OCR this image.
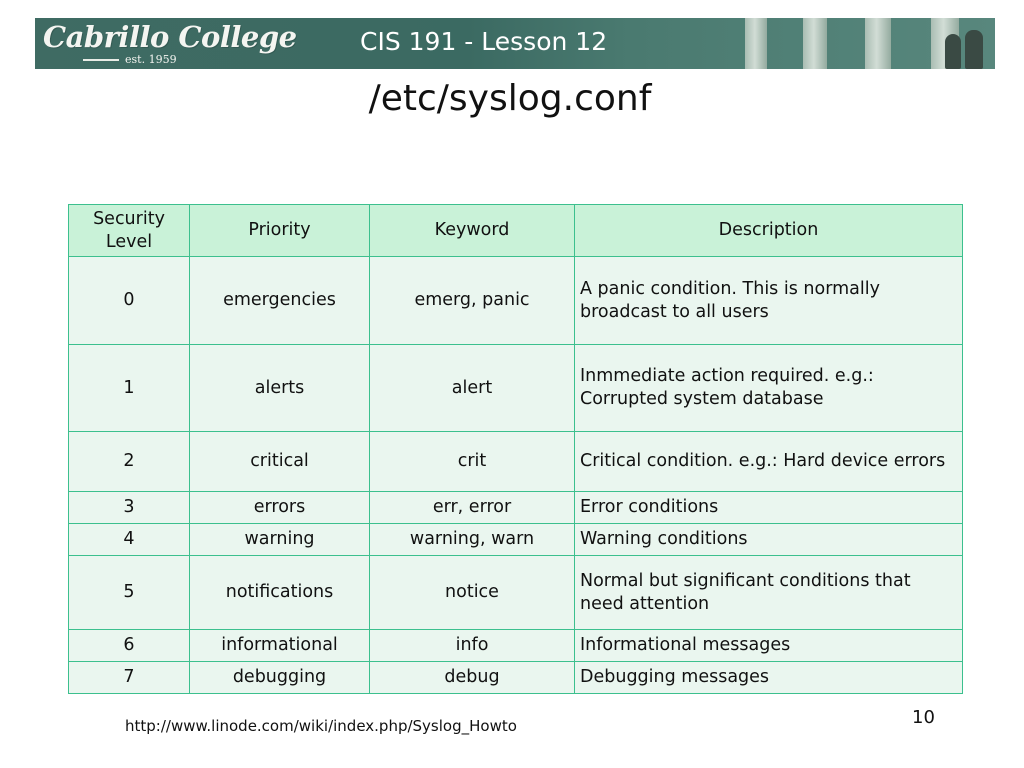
Cabrillo College
est. 1959
CIS 191 - Lesson 12
/etc/syslog.conf
Security Level	Priority	Keyword	Description
0	emergencies	emerg, panic	A panic condition. This is normally broadcast to all users
1	alerts	alert	Inmmediate action required. e.g.: Corrupted system database
2	critical	crit	Critical condition. e.g.: Hard device errors
3	errors	err, error	Error conditions
4	warning	warning, warn	Warning conditions
5	notifications	notice	Normal but significant conditions that need attention
6	informational	info	Informational messages
7	debugging	debug	Debugging messages
http://www.linode.com/wiki/index.php/Syslog_Howto	10
